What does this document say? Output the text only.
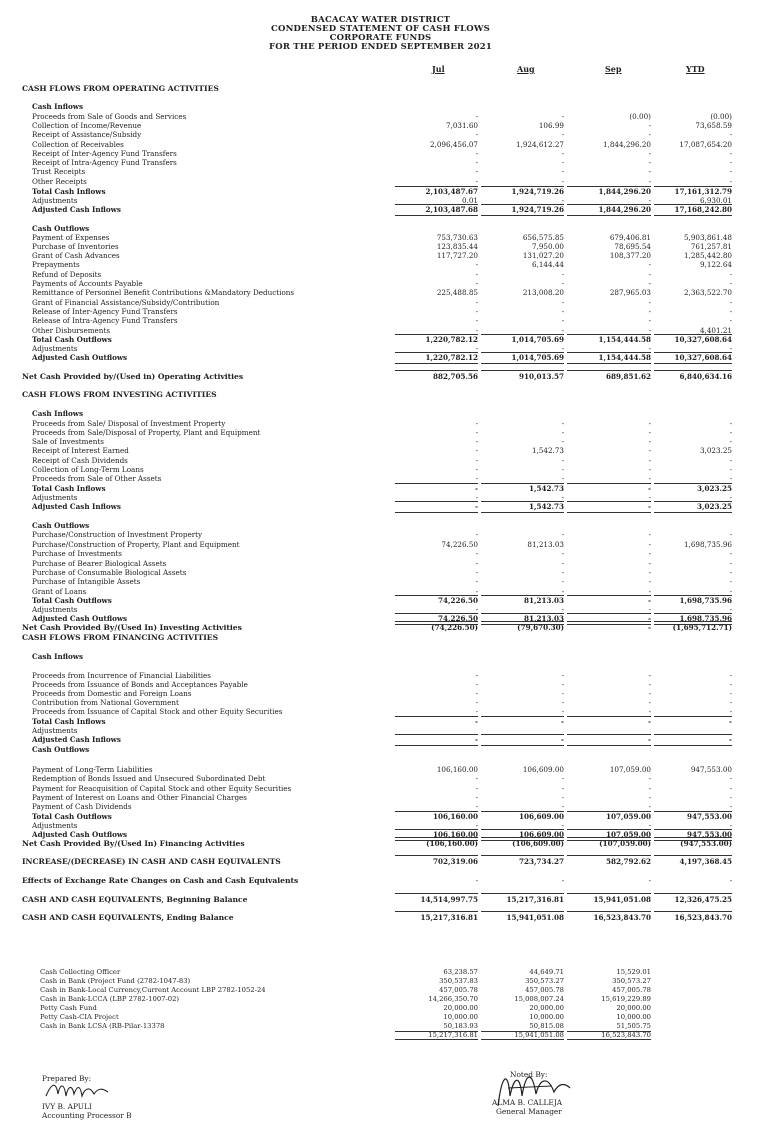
BACACAY WATER DISTRICT
CONDENSED STATEMENT OF CASH FLOWS
CORPORATE FUNDS
FOR THE PERIOD ENDED SEPTEMBER 2021
Jul	Aug	Sep	YTD
CASH FLOWS FROM OPERATING ACTIVITIES
Cash Inflows
Proceeds from Sale of Goods and Services	-	-	(0.00)	(0.00)
Collection of Income/Revenue	7,031.60	106.99	-	73,658.59
Receipt of Assistance/Subsidy	-	-	-	-
Collection of Receivables	2,096,456.07	1,924,612.27	1,844,296.20	17,087,654.20
Receipt of Inter-Agency Fund Transfers	-	-	-	-
Receipt of Intra-Agency Fund Transfers	-	-	-	-
Trust Receipts	-	-	-	-
Other Receipts	-	-	-	-
Total Cash Inflows	2,103,487.67	1,924,719.26	1,844,296.20	17,161,312.79
Adjustments	0.01	-	-	6,930.01
Adjusted Cash Inflows	2,103,487.68	1,924,719.26	1,844,296.20	17,168,242.80
Cash Outflows
Payment of Expenses	753,730.63	656,575.85	679,406.81	5,903,861.48
Purchase of Inventories	123,835.44	7,950.00	78,695.54	761,257.81
Grant of Cash Advances	117,727.20	131,027.20	108,377.20	1,285,442.80
Prepayments	-	6,144.44	-	9,122.64
Refund of Deposits	-	-	-	-
Payments of Accounts Payable	-	-	-	-
Remittance of Personnel Benefit Contributions &Mandatory Deductions	225,488.85	213,008.20	287,965.03	2,363,522.70
Grant of Financial Assistance/Subsidy/Contribution	-	-	-	-
Release of Inter-Agency Fund Transfers	-	-	-	-
Release of Intra-Agency Fund Transfers	-	-	-	-
Other Disbursements	-	-	-	4,401.21
Total Cash Outflows	1,220,782.12	1,014,705.69	1,154,444.58	10,327,608.64
Adjustments	-	-	-	-
Adjusted Cash Outflows	1,220,782.12	1,014,705.69	1,154,444.58	10,327,608.64
Net Cash Provided by/(Used in) Operating Activities	882,705.56	910,013.57	689,851.62	6,840,634.16
CASH FLOWS FROM INVESTING ACTIVITIES
Cash Inflows
Proceeds from Sale/ Disposal of Investment Property	-	-	-	-
Proceeds from Sale/Disposal of Property, Plant and Equipment	-	-	-	-
Sale of Investments	-	-	-	-
Receipt of Interest Earned	-	1,542.73	-	3,023.25
Receipt of Cash Dividends	-	-	-	-
Collection of Long-Term Loans	-	-	-	-
Proceeds from Sale of Other Assets	-	-	-	-
Total Cash Inflows	-	1,542.73	-	3,023.25
Adjustments	-	-	-	-
Adjusted Cash Inflows	-	1,542.73	-	3,023.25
Cash Outflows
Purchase/Construction of Investment Property	-	-	-	-
Purchase/Construction of Property, Plant and Equipment	74,226.50	81,213.03	-	1,698,735.96
Purchase of Investments	-	-	-	-
Purchase of Bearer Biological Assets	-	-	-	-
Purchase of Consumable Biological Assets	-	-	-	-
Purchase of Intangible Assets	-	-	-	-
Grant of Loans	-	-	-	-
Total Cash Outflows	74,226.50	81,213.03	-	1,698,735.96
Adjustments	-	-	-	-
Adjusted Cash Outflows	74,226.50	81,213.03	-	1,698,735.96
Net Cash Provided By/(Used In) Investing Activities	(74,226.50)	(79,670.30)	-	(1,695,712.71)
CASH FLOWS FROM FINANCING ACTIVITIES
Cash Inflows
Proceeds from Incurrence of Financial Liabilities	-	-	-	-
Proceeds from Issuance of Bonds and Acceptances Payable	-	-	-	-
Proceeds from Domestic and Foreign Loans	-	-	-	-
Contribution from National Government	-	-	-	-
Proceeds from Issuance of Capital Stock and other Equity Securities	-	-	-	-
Total Cash Inflows	-	-	-	-
Adjustments
Adjusted Cash Inflows	-	-	-	-
Cash Outflows
Payment of Long-Term Liabilities	106,160.00	106,609.00	107,059.00	947,553.00
Redemption of Bonds Issued and Unsecured Subordinated Debt	-	-	-	-
Payment for Reacquisition of Capital Stock and other Equity Securities	-	-	-	-
Payment of Interest on Loans and Other Financial Charges	-	-	-	-
Payment of Cash Dividends	-	-	-	-
Total Cash Outflows	106,160.00	106,609.00	107,059.00	947,553.00
Adjustments	-	-	-	-
Adjusted Cash Outflows	106,160.00	106,609.00	107,059.00	947,553.00
Net Cash Provided By/(Used In) Financing Activities	(106,160.00)	(106,609.00)	(107,059.00)	(947,553.00)
INCREASE/(DECREASE) IN CASH AND CASH EQUIVALENTS	702,319.06	723,734.27	582,792.62	4,197,368.45
Effects of Exchange Rate Changes on Cash and Cash Equivalents	-	-	-	-
CASH AND CASH EQUIVALENTS, Beginning Balance	14,514,997.75	15,217,316.81	15,941,051.08	12,326,475.25
CASH AND CASH EQUIVALENTS, Ending Balance	15,217,316.81	15,941,051.08	16,523,843.70	16,523,843.70
Cash Collecting Officer	63,238.57	44,649.71	15,529.01
Cash in Bank (Project Fund (2782-1047-83)	350,537.83	350,573.27	350,573.27
Cash in Bank-Local Currency,Current Account LBP 2782-1052-24	457,005.78	457,005.78	457,005.78
Cash in Bank-LCCA (LBP 2782-1007-02)	14,266,350.70	15,008,007.24	15,619,229.89
Petty Cash Fund	20,000.00	20,000.00	20,000.00
Petty Cash-CIA Project	10,000.00	10,000.00	10,000.00
Cash in Bank LCSA (RB-Pilar-13378	50,183.93	50,815.08	51,505.75
15,217,316.81	15,941,051.08	16,523,843.70
Prepared By:
IVY B. APULI
Accounting Processor B
Noted By:
ALMA B. CALLEJA
General Manager
